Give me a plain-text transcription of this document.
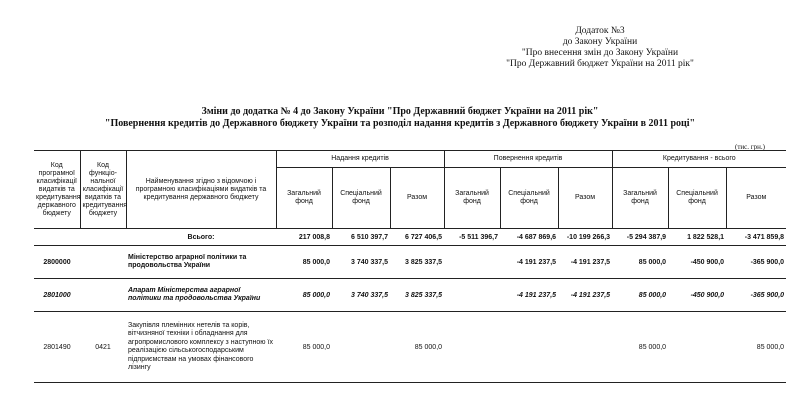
Додаток №3
до Закону України
"Про внесення змін до Закону України
"Про Державний бюджет України на 2011 рік"
Зміни до додатка № 4 до Закону України "Про Державний бюджет України на 2011 рік"
"Повернення кредитів до Державного бюджету України та розподіл надання кредитів з Державного бюджету України в 2011 році"
(тис. грн.)
Код програмної класифікації видатків та кредитування державного бюджету	Код функціо-нальної класифікації видатків та кредитування бюджету	Найменування згідно з відомчою і програмною класифікаціями видатків та кредитування державного бюджету	Надання кредитів			Повернення кредитів			Кредитування - всього		
			Загальний фонд	Спеціальний фонд	Разом	Загальний фонд	Спеціальний фонд	Разом	Загальний фонд	Спеціальний фонд	Разом
		Всього:	217 008,8	6 510 397,7	6 727 406,5	-5 511 396,7	-4 687 869,6	-10 199 266,3	-5 294 387,9	1 822 528,1	-3 471 859,8
2800000		Міністерство аграрної політики та продовольства України	85 000,0	3 740 337,5	3 825 337,5		-4 191 237,5	-4 191 237,5	85 000,0	-450 900,0	-365 900,0
2801000		Апарат Міністерства аграрної політики та продовольства України	85 000,0	3 740 337,5	3 825 337,5		-4 191 237,5	-4 191 237,5	85 000,0	-450 900,0	-365 900,0
2801490	0421	Закупівля племінних нетелів та корів, вітчизняної техніки і обладнання для агропромислового комплексу з наступною їх реалізацією сільськогосподарським підприємствам на умовах фінансового лізингу	85 000,0		85 000,0				85 000,0		85 000,0
